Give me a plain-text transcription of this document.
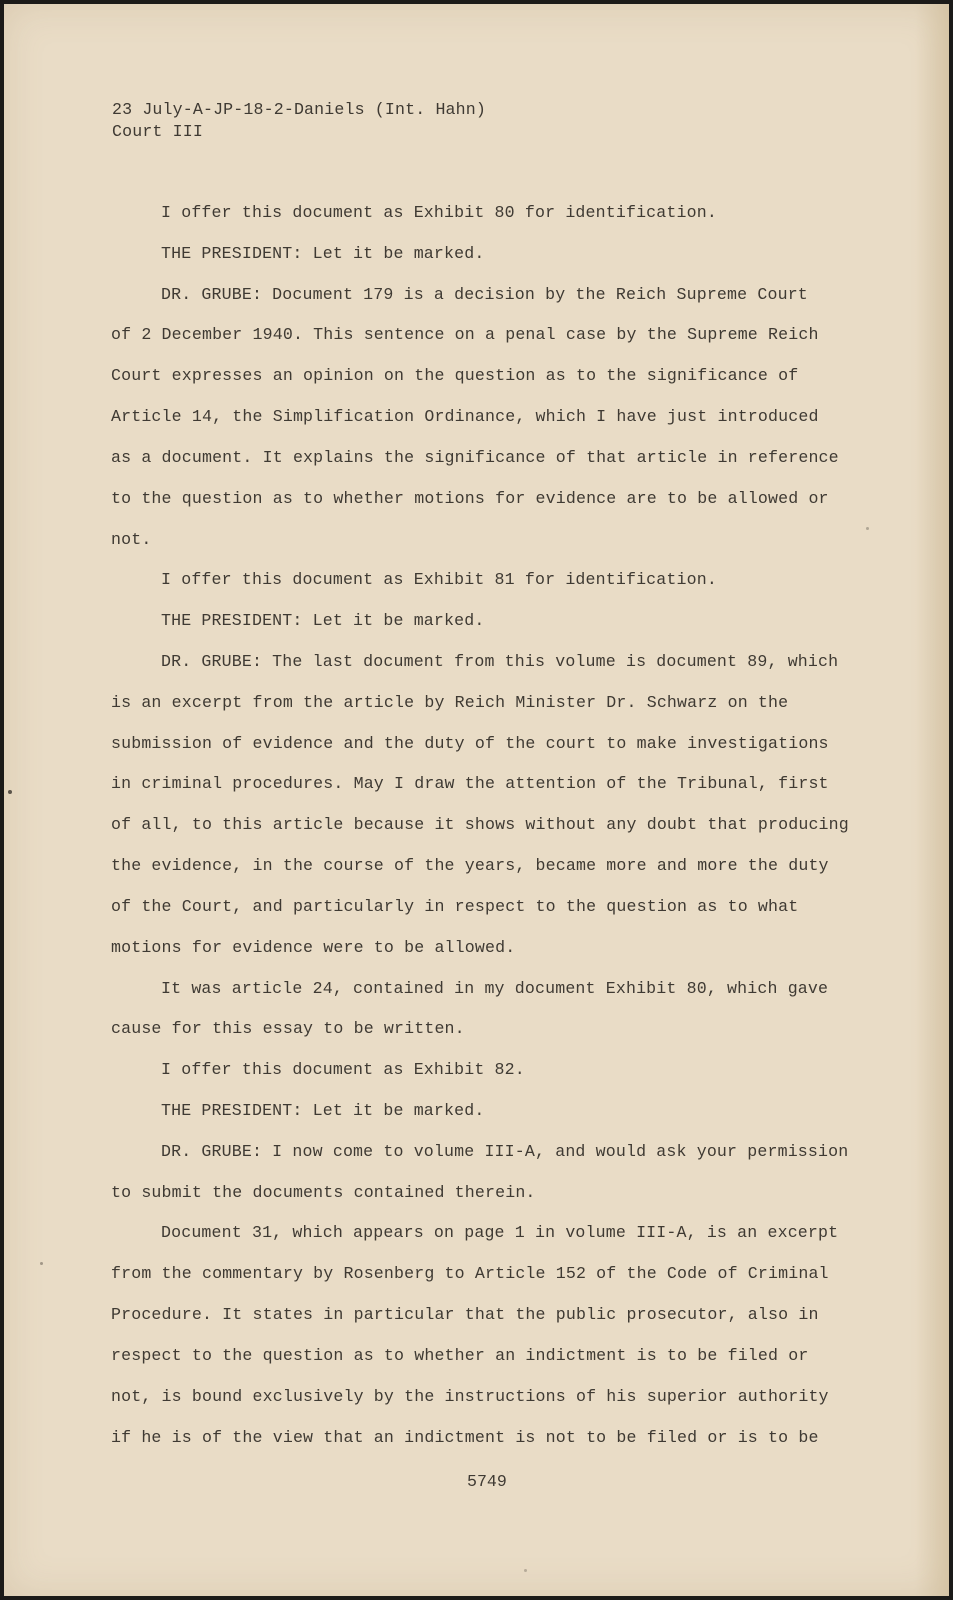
23 July-A-JP-18-2-Daniels (Int. Hahn)
Court III
I offer this document as Exhibit 80 for identification.
THE PRESIDENT: Let it be marked.
DR. GRUBE: Document 179 is a decision by the Reich Supreme Court
of 2 December 1940. This sentence on a penal case by the Supreme Reich
Court expresses an opinion on the question as to the significance of
Article 14, the Simplification Ordinance, which I have just introduced
as a document. It explains the significance of that article in reference
to the question as to whether motions for evidence are to be allowed or
not.
I offer this document as Exhibit 81 for identification.
THE PRESIDENT: Let it be marked.
DR. GRUBE: The last document from this volume is document 89, which
is an excerpt from the article by Reich Minister Dr. Schwarz on the
submission of evidence and the duty of the court to make investigations
in criminal procedures. May I draw the attention of the Tribunal, first
of all, to this article because it shows without any doubt that producing
the evidence, in the course of the years, became more and more the duty
of the Court, and particularly in respect to the question as to what
motions for evidence were to be allowed.
It was article 24, contained in my document Exhibit 80, which gave
cause for this essay to be written.
I offer this document as Exhibit 82.
THE PRESIDENT: Let it be marked.
DR. GRUBE: I now come to volume III-A, and would ask your permission
to submit the documents contained therein.
Document 31, which appears on page 1 in volume III-A, is an excerpt
from the commentary by Rosenberg to Article 152 of the Code of Criminal
Procedure. It states in particular that the public prosecutor, also in
respect to the question as to whether an indictment is to be filed or
not, is bound exclusively by the instructions of his superior authority
if he is of the view that an indictment is not to be filed or is to be
5749
